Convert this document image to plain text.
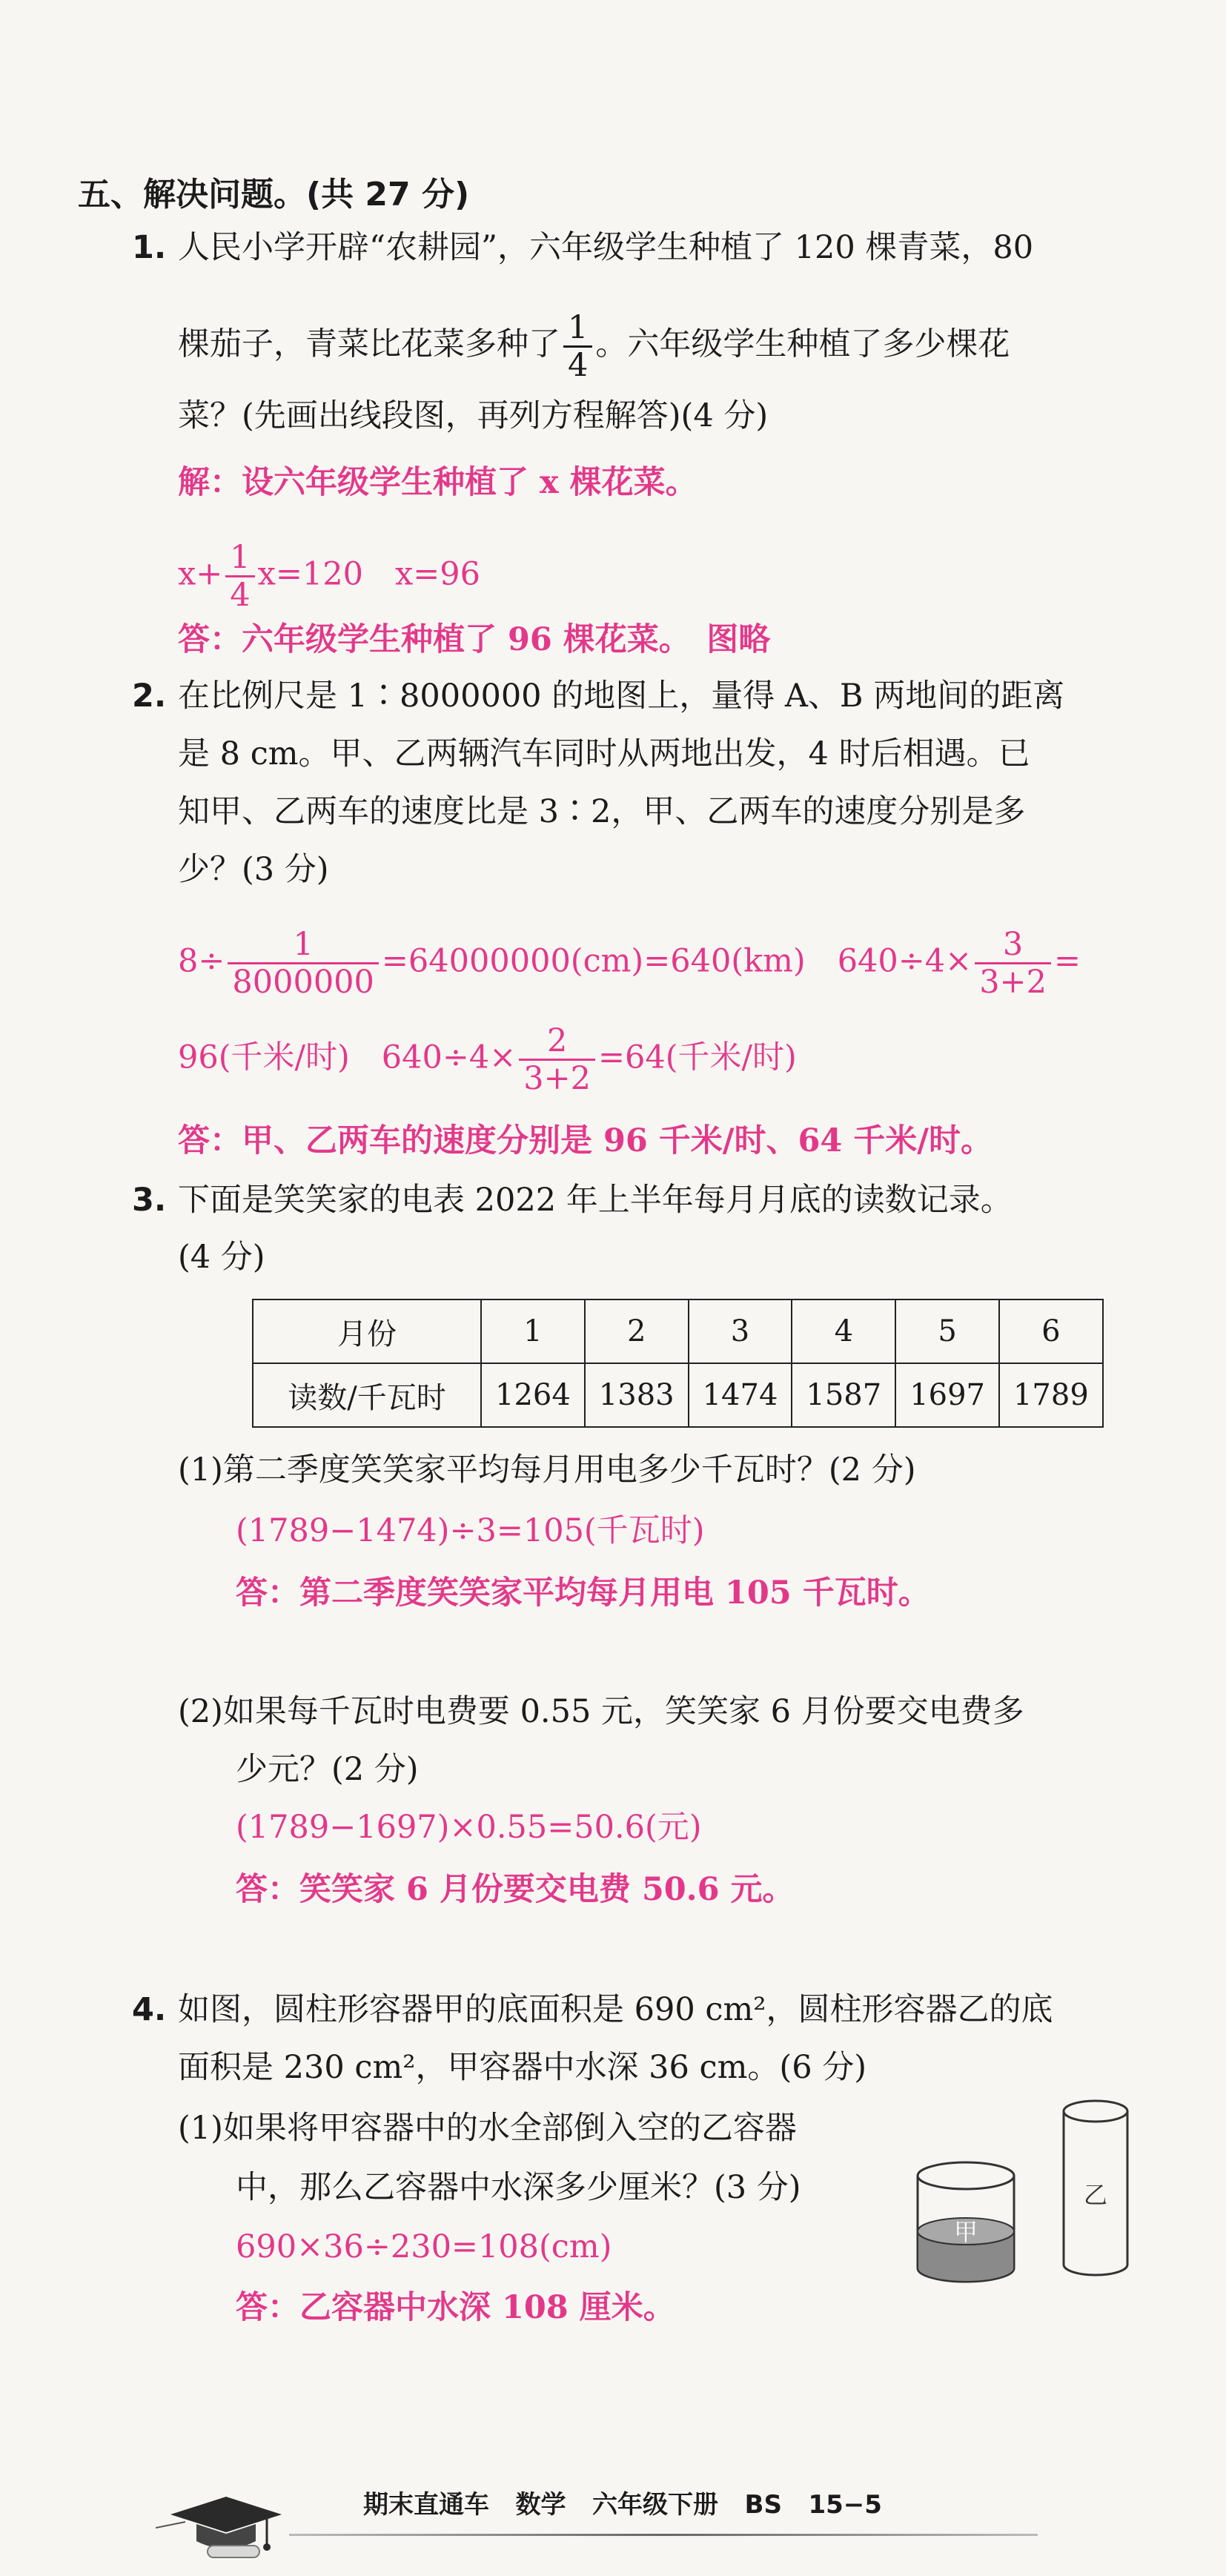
五、解决问题。(共 27 分)
1. 人民小学开辟“农耕园”，六年级学生种植了 120 棵青菜，80
棵茄子，青菜比花菜多种了 $\frac{1}{4}$ 。六年级学生种植了多少棵花
菜？(先画出线段图，再列方程解答)(4 分)
解：设六年级学生种植了 x 棵花菜。
$x+ \frac{1}{4} x=120$　x=96
答：六年级学生种植了 96 棵花菜。　图略
2. 在比例尺是 1∶8000000 的地图上，量得 A、B 两地间的距离
是 8 cm。甲、乙两辆汽车同时从两地出发，4 时后相遇。已
知甲、乙两车的速度比是 3∶2，甲、乙两车的速度分别是多
少？(3 分)
$8\div \frac{1}{8000000} =64000000(cm)=640(km)$　$640\div 4\times \frac{3}{3+2}$ =
96(千米/时)　$640\div 4\times \frac{2}{3+2} =64$(千米/时)
答：甲、乙两车的速度分别是 96 千米/时、64 千米/时。
3. 下面是笑笑家的电表 2022 年上半年每月月底的读数记录。
(4 分)
月份	1	2	3	4	5	6
读数/千瓦时	1264	1383	1474	1587	1697	1789
(1)第二季度笑笑家平均每月用电多少千瓦时？(2 分)
(1789−1474)÷3=105(千瓦时)
答：第二季度笑笑家平均每月用电 105 千瓦时。
(2)如果每千瓦时电费要 0.55 元，笑笑家 6 月份要交电费多
少元？(2 分)
(1789−1697)×0.55=50.6(元)
答：笑笑家 6 月份要交电费 50.6 元。
4. 如图，圆柱形容器甲的底面积是 690 cm²，圆柱形容器乙的底
面积是 230 cm²，甲容器中水深 36 cm。(6 分)
(1)如果将甲容器中的水全部倒入空的乙容器
中，那么乙容器中水深多少厘米？(3 分)
690×36÷230=108(cm)
答：乙容器中水深 108 厘米。
甲
乙
期末直通车 数学 六年级下册 BS 15−5
